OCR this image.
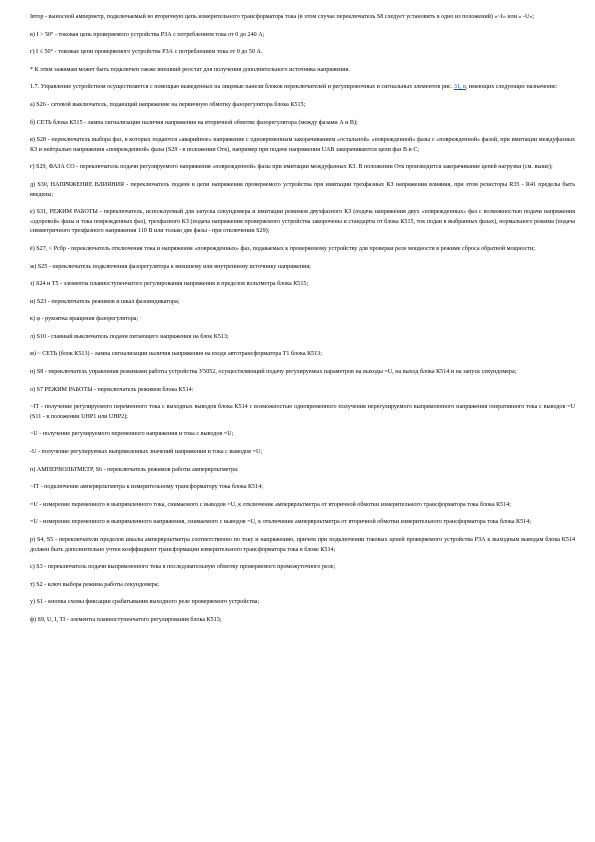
Iвтор - выносной амперметр, подключаемый во вторичную цепь измерительного трансформатора тока (в этом случае переключатель S8 следует установить в одно из положений) «~I» или « -U»;

в) I > 50° - токовая цепь проверяемого устройства РЗА с потреблением тока от 0 до 240 А;

г) I ≤ 50° - токовые цепи проверяемого устройства РЗА с потреблением тока от 0 до 50 А.

* К этим зажимам может быть подключен также внешний реостат для получения дополнительного источника напряжения.

1.7. Управление устройством осуществляется с помощью выведенных на лицевые панели блоков переключателей и регулировочных и сигнальных элементов рис. 31, в, имеющих следующее назначение:

а) S26 - сетевой выключатель, подающий напряжение на первичную обмотку фазорегулятора блока К515;

б) СЕТЬ блока К515 - лампа сигнализации наличия напряжения на вторичной обмотке фазорегулятора (между фазами А и В);

в) S28 - переключатель выбора фаз, в которых подаются «аварийное» напряжение с одновременным закорачиванием «остальной» «поврежденной» фазы с «поврежденной» фазой, при имитации междуфазных КЗ и нейтралью напряжения «поврежденной» фазы (S29 - в положении Отк), например при подаче напряжения UАВ закорачиваются цепи фаз В и С;

г) S29, ФАЗА СО - переключатель подачи регулируемого напряжения «поврежденной» фазы при имитации междуфазных КЗ. В положении Отк производится закорачивание цепей нагрузки (см. выше);

д) S30, НАПРЯЖЕНИЕ ВЛИЯНИЯ - переключатель подачи в цепи напряжения проверяемого устройства при имитации трехфазных КЗ напряжения влияния, при этом резисторы R35 - R41 пределы быть введены;

е) S31, РЕЖИМ РАБОТЫ - переключатель, используемый для запуска секундомера и имитации режимов двухфазного КЗ (подача напряжения двух «поврежденных» фаз с возможностью подачи напряжения «здоровой» фазы и тока поврежденных фаз), трехфазного КЗ (подача напряжения проверяемого устройства закорочены и стандарты от блока К515, ток подан в выбранных фазах), нормального режима (подача симметричного трехфазного напряжения 110 В или только две фазы - при отключении S29);

ё) S27, < Рсбр - переключатель отключения тока и напряжения «поврежденных» фаз, подаваемых к проверяемому устройству для проверки реле мощности в режиме сброса обратной мощности;

ж) S25 - переключатель подключения фазорегулятора к внешнему или внутреннему источнику напряжения;

з) S24 и Т5 - элементы плавноступенчатого регулирования напряжения и пределов вольтметра блока К515;

и) S23 - переключатель режимов и шкал фазоиндикатора;

к) φ - рукоятка вращения фазорегулятора;

л) S10 - главный выключатель подачи питающего напряжения на блок К513;

м) ~ СЕТЬ (блок К513) - лампа сигнализации наличия напряжения на входе автотрансформатора Т1 блока К513;

н) S8 - переключатель управления режимами работы устройства У5052, осуществляющий подачу регулируемых параметров на выходы =U, на выход блока К514 и на запуск секундомера;

о) S7 РЕЖИМ РАБОТЫ - переключатель режимов блока К514:

~IТ - получение регулируемого переменного тока с выходных выводов блока К514 с возможностью одновременного получения нерегулируемого выпрямленного напряжения оперативного тока с выводов =U (S11 - в положении UНР1 или UНР2);

~U - получение регулируемого переменного напряжения и тока с выводов =U;

-U - получение регулируемых выпрямленных значений напряжения и тока с выводов =U;

п) АМПЕРВОЛЬТМЕТР, S6 - переключатель режимов работы амперврльтметра:

~IТ - подключение амперврльтметра к измерительному трансформатору тока блока К514;

=U - измерение переменного и выпрямленного тока, снимаемого с выводов =U, к отключение амперврльтметра от вторичной обмотки измерительного трансформатора тока блока К514;

=U - измерение переменного и выпрямленного напряжения, снимаемого с выводов =U, к отключение амперврльтметра от вторичной обмотки измерительного трансформатора тока блока К514;

р) S4, S5 - переключатели пределов шкалы амперврльтметра соответственно по току и напряжению, причем при подключении токовых цепей проверяемого устройства РЗА к выходным выводам блока К514 должен быть дополнительно учтен коэффициент трансформации измерительного трансформатора тока в блоке К514;

с) S3 - переключатель подачи выпрямленного тока в последовательную обмотку проверяемого промежуточного реле;

т) S2 - ключ выбора режима работы секундомера;

у) S1 - кнопка схемы фиксации срабатывания выходного реле проверяемого устройства;

ф) S9, U, I, TI - элементы плавноступенчатого регулирования блока К513;
